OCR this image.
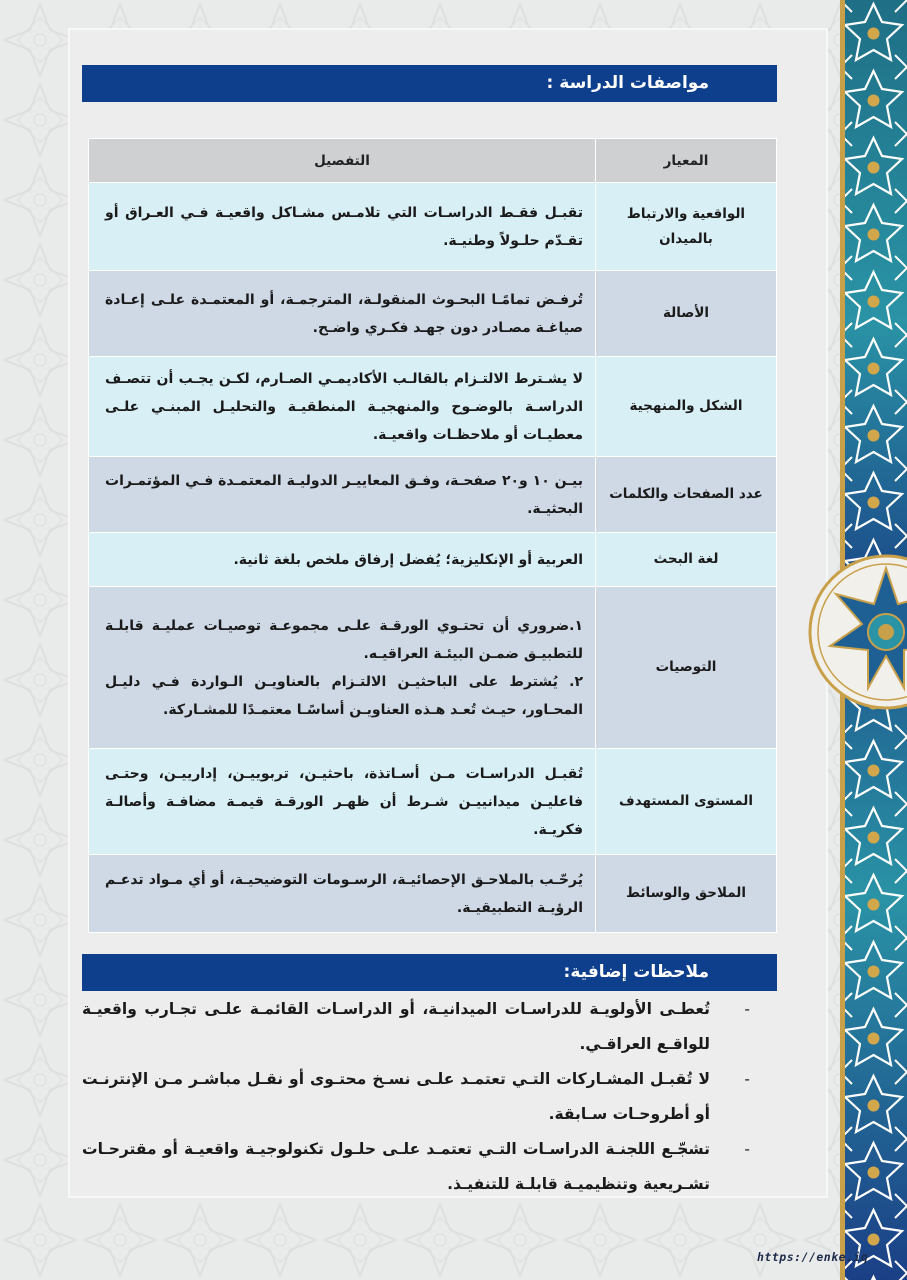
مواصفات الدراسة :
المعيار	التفصيل
الواقعية والارتباط بالميدان	تقبـل فقـط الدراسـات التي تلامـس مشـاكل واقعيـة فـي العـراق أو تقـدّم حلـولاً وطنيـة.
الأصالة	تُرفـض تمامًـا البحـوث المنقولـة، المترجمـة، أو المعتمـدة علـى إعـادة صياغـة مصـادر دون جهـد فكـري واضـح.
الشكل والمنهجية	لا يشـترط الالتـزام بالقالـب الأكاديمـي الصـارم، لكـن يجـب أن تتصـف الدراسـة بالوضـوح والمنهجيـة المنطقيـة والتحليـل المبنـي علـى معطيـات أو ملاحظـات واقعيـة.
عدد الصفحات والكلمات	بيـن ١٠ و٢٠ صفحـة، وفـق المعاييـر الدوليـة المعتمـدة فـي المؤتمـرات البحثيـة.
لغة البحث	العربية أو الإنكليزية؛ يُفضل إرفاق ملخص بلغة ثانية.
التوصيات	١.ضروري أن تحتـوي الورقـة علـى مجموعـة توصيـات عمليـة قابلـة للتطبيـق ضمـن البيئـة العراقيـه.
٢. يُشترط على الباحثيـن الالتـزام بالعناويـن الـواردة فـي دليـل المحـاور، حيـث تُعـد هـذه العناويـن أساسًـا معتمـدًا للمشـاركة.

المستوى المستهدف	تُقبـل الدراسـات مـن أسـاتذة، باحثيـن، تربوييـن، إدارييـن، وحتـى فاعليـن ميدانييـن شـرط أن ظهـر الورقـة قيمـة مضافـة وأصالـة فكريـة.
الملاحق والوسائط	يُرحّـب بالملاحـق الإحصائيـة، الرسـومات التوضيحيـة، أو أي مـواد تدعـم الرؤيـة التطبيقيـة.
ملاحظات إضافية:
-
تُعطـى الأولويـة للدراسـات الميدانيـة، أو الدراسـات القائمـة علـى تجـارب واقعيـة للواقـع العراقـي.
-
لا تُقبـل المشـاركات التـي تعتمـد علـى نسـخ محتـوى أو نقـل مباشـر مـن الإنترنـت أو أطروحـات سـابقة.
-
تشجّـع اللجنـة الدراسـات التـي تعتمـد علـى حلـول تكنولوجيـة واقعيـة أو مقترحـات تشـريعية وتنظيميـة قابلـة للتنفيـذ.
https://enke.iq
